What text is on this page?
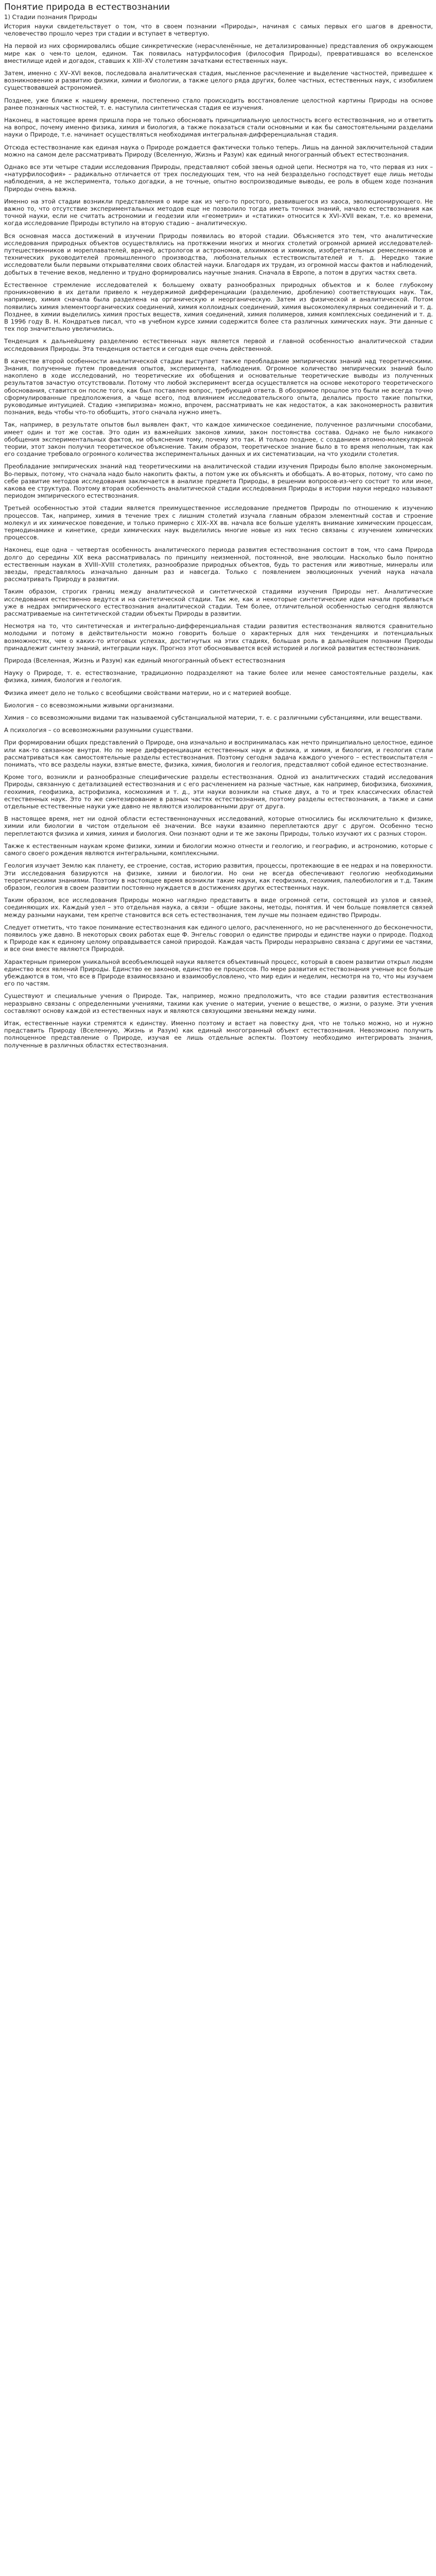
Понятие природа в естествознании
1) Стадии познания Природы

История науки свидетельствует о том, что в своем познании «Природы», начиная с самых первых его шагов в древности, человечество прошло через три стадии и вступает в четвертую.

На первой из них сформировались общие синкретические (нерасчленённые, не детализированные) представления об окружающем мире как о чем-то целом, едином. Так появилась натурфилософия (философия Природы), превратившаяся во вселенское вместилище идей и догадок, ставших к XIII–XV столетиям зачатками естественных наук.

Затем, именно с XV–XVI веков, последовала аналитическая стадия, мысленное расчленение и выделение частностей, приведшее к возникновению и развитию физики, химии и биологии, а также целого ряда других, более частных, естественных наук, с изобилием существовавшей астрономией.

Позднее, уже ближе к нашему времени, постепенно стало происходить восстановление целостной картины Природы на основе ранее познанных частностей, т. е. наступила синтетическая стадия ее изучения.

Наконец, в настоящее время пришла пора не только обосновать принципиальную целостность всего естествознания, но и ответить на вопрос, почему именно физика, химия и биология, а также показаться стали основными и как бы самостоятельными разделами науки о Природе, т.е. начинает осуществляться необходимая интегральная-дифференциальная стадия.

Отсюда естествознание как единая наука о Природе рождается фактически только теперь. Лишь на данной заключительной стадии можно на самом деле рассматривать Природу (Вселенную, Жизнь и Разум) как единый многогранный объект естествознания.

Однако все эти четыре стадии исследования Природы, представляют собой звенья одной цепи. Несмотря на то, что первая из них – «натурфилософия» – радикально отличается от трех последующих тем, что на ней безраздельно господствует еще лишь методы наблюдения, а не эксперимента, только догадки, а не точные, опытно воспроизводимые выводы, ее роль в общем ходе познания Природы очень важна.

Именно на этой стадии возникли представления о мире как из чего-то простого, развившегося из хаоса, эволюционирующего. Не важно то, что отсутствие экспериментальных методов еще не позволило тогда иметь точных знаний, начало естествознания как точной науки, если не считать астрономии и геодезии или «геометрии» и «статики» относится к XVI–XVII векам, т.е. ко времени, когда исследование Природы вступило на вторую стадию – аналитическую.

Вся основная масса достижений в изучении Природы появилась во второй стадии. Объясняется это тем, что аналитические исследования природных объектов осуществлялись на протяжении многих и многих столетий огромной армией исследователей-путешественников и мореплавателей, врачей, астрологов и астрономов, алхимиков и химиков, изобретательных ремесленников и технических руководителей промышленного производства, любознательных естествоиспытателей и т. д. Нередко такие исследователи были первыми открывателями своих областей науки. Благодаря их трудам, из огромной массы фактов и наблюдений, добытых в течение веков, медленно и трудно формировались научные знания. Сначала в Европе, а потом в других частях света.

Естественное стремление исследователей к большему охвату разнообразных природных объектов и к более глубокому проникновению в их детали привело к неудержимой дифференциации (разделению, дроблению) соответствующих наук. Так, например, химия сначала была разделена на органическую и неорганическую. Затем из физической и аналитической. Потом появились химия элементоорганических соединений, химия коллоидных соединений, химия высокомолекулярных соединений и т. д. Позднее, в химии выделились химия простых веществ, химия соединений, химия полимеров, химия комплексных соединений и т. д. В 1996 году В. Н. Кондратьев писал, что «в учебном курсе химии содержится более ста различных химических наук. Эти данные с тех пор значительно увеличились.

Тенденция к дальнейшему разделению естественных наук является первой и главной особенностью аналитической стадии исследования Природы. Эта тенденция остается и сегодня еще очень действенной.

В качестве второй особенности аналитической стадии выступает также преобладание эмпирических знаний над теоретическими. Знания, полученные путем проведения опытов, эксперимента, наблюдения. Огромное количество эмпирических знаний было накоплено в ходе исследований, но теоретические их обобщения и основательные теоретические выводы из полученных результатов зачастую отсутствовали. Потому что любой эксперимент всегда осуществляется на основе некоторого теоретического обоснования, ставится он после того, как был поставлен вопрос, требующий ответа. В обозримое прошлое это были не всегда точно сформулированные предположения, а чаще всего, под влиянием исследовательского опыта, делались просто такие попытки, руководимые интуицией. Стадию «эмпиризма» можно, впрочем, рассматривать не как недостаток, а как закономерность развития познания, ведь чтобы что-то обобщить, этого сначала нужно иметь.

Так, например, в результате опытов был выявлен факт, что каждое химическое соединение, полученное различными способами, имеет один и тот же состав. Это один из важнейших законов химии, закон постоянства состава. Однако не было никакого обобщения экспериментальных фактов, ни объяснения тому, почему это так. И только позднее, с созданием атомно-молекулярной теории, этот закон получил теоретическое объяснение. Таким образом, теоретическое знание было в то время неполным, так как его создание требовало огромного количества экспериментальных данных и их систематизации, на что уходили столетия.

Преобладание эмпирических знаний над теоретическими на аналитической стадии изучения Природы было вполне закономерным. Во-первых, потому, что сначала надо было накопить факты, а потом уже их объяснять и обобщать. А во-вторых, потому, что само по себе развитие методов исследования заключается в анализе предмета Природы, в решении вопросов-из-чего состоит то или иное, какова ее структура. Поэтому вторая особенность аналитической стадии исследования Природы в истории науки нередко называют периодом эмпирического естествознания.

Третьей особенностью этой стадии является преимущественное исследование предметов Природы по отношению к изучению процессов. Так, например, химия в течение трех с лишним столетий изучала главным образом элементный состав и строение молекул и их химическое поведение, и только примерно с XIX–XX вв. начала все больше уделять внимание химическим процессам, термодинамике и кинетике, среди химических наук выделились многие новые из них тесно связаны с изучением химических процессов.

Наконец, еще одна – четвертая особенность аналитического периода развития естествознания состоит в том, что сама Природа долго до середины XIX века рассматривалась по принципу неизменной, постоянной, вне эволюции. Насколько было понятно естественным наукам в XVIII–XVIII столетиях, разнообразие природных объектов, будь то растения или животные, минералы или звезды, представлялось изначально данным раз и навсегда. Только с появлением эволюционных учений наука начала рассматривать Природу в развитии.

Таким образом, строгих границ между аналитической и синтетической стадиями изучения Природы нет. Аналитические исследования естественно ведутся и на синтетической стадии. Так же, как и некоторые синтетические идеи начали пробиваться уже в недрах эмпирического естествознания аналитической стадии. Тем более, отличительной особенностью сегодня являются рассматриваемые на синтетической стадии объекты Природы в развитии.

Несмотря на то, что синтетическая и интегрально-дифференциальная стадии развития естествознания являются сравнительно молодыми и потому в действительности можно говорить больше о характерных для них тенденциях и потенциальных возможностях, чем о каких-то итоговых успехах, достигнутых на этих стадиях, большая роль в дальнейшем познании Природы принадлежит синтезу знаний, интеграции наук. Прогноз этот обосновывается всей историей и логикой развития естествознания.

Природа (Вселенная, Жизнь и Разум) как единый многогранный объект естествознания

Науку о Природе, т. е. естествознание, традиционно подразделяют на такие более или менее самостоятельные разделы, как физика, химия, биология и геология.

Физика имеет дело не только с всеобщими свойствами материи, но и с материей вообще.

Биология – со всевозможными живыми организмами.

Химия – со всевозможными видами так называемой субстанциальной материи, т. е. с различными субстанциями, или веществами.

А психология – со всевозможными разумными существами.

При формировании общих представлений о Природе, она изначально и воспринималась как нечто принципиально целостное, единое или как-то связанное внутри. Но по мере дифференциации естественных наук и физика, и химия, и биология, и геология стали рассматриваться как самостоятельные разделы естествознания. Поэтому сегодня задача каждого ученого – естествоиспытателя – понимать, что все разделы науки, взятые вместе, физика, химия, биология и геология, представляют собой единое естествознание.

Кроме того, возникли и разнообразные специфические разделы естествознания. Одной из аналитических стадий исследования Природы, связанную с детализацией естествознания и с его расчленением на разные частные, как например, биофизика, биохимия, геохимия, геофизика, астрофизика, космохимия и т. д., эти науки возникли на стыке двух, а то и трех классических областей естественных наук. Это то же синтезирование в разных частях естествознания, поэтому разделы естествознания, а также и сами отдельные естественные науки уже давно не являются изолированными друг от друга.

В настоящее время, нет ни одной области естественнонаучных исследований, которые относились бы исключительно к физике, химии или биологии в чистом отдельном её значении. Все науки взаимно переплетаются друг с другом. Особенно тесно переплетаются физика и химия, химия и биология. Они познают одни и те же законы Природы, только изучают их с разных сторон.

Также к естественным наукам кроме физики, химии и биологии можно отнести и геологию, и географию, и астрономию, которые с самого своего рождения являются интегральными, комплексными.

Геология изучает Землю как планету, ее строение, состав, историю развития, процессы, протекающие в ее недрах и на поверхности. Эти исследования базируются на физике, химии и биологии. Но они не всегда обеспечивают геологию необходимыми теоретическими знаниями. Поэтому в настоящее время возникли такие науки, как геофизика, геохимия, палеобиология и т.д. Таким образом, геология в своем развитии постоянно нуждается в достижениях других естественных наук.

Таким образом, все исследования Природы можно наглядно представить в виде огромной сети, состоящей из узлов и связей, соединяющих их. Каждый узел – это отдельная наука, а связи – общие законы, методы, понятия. И чем больше появляется связей между разными науками, тем крепче становится вся сеть естествознания, тем лучше мы познаем единство Природы.

Следует отметить, что такое понимание естествознания как единого целого, расчлененного, но не расчлененного до бесконечности, появилось уже давно. В некоторых своих работах еще Ф. Энгельс говорил о единстве природы и единстве науки о природе. Подход к Природе как к единому целому оправдывается самой природой. Каждая часть Природы неразрывно связана с другими ее частями, и все они вместе являются Природой.

Характерным примером уникальной всеобъемлющей науки является объективный процесс, который в своем развитии открыл людям единство всех явлений Природы. Единство ее законов, единство ее процессов. По мере развития естествознания ученые все больше убеждаются в том, что все в Природе взаимосвязано и взаимообусловлено, что мир един и неделим, несмотря на то, что мы изучаем его по частям.

Существуют и специальные учения о Природе. Так, например, можно предположить, что все стадии развития естествознания неразрывно связаны с определенными учениями, такими как учение о материи, учение о веществе, о жизни, о разуме. Эти учения составляют основу каждой из естественных наук и являются связующими звеньями между ними.

Итак, естественные науки стремятся к единству. Именно поэтому и встает на повестку дня, что не только можно, но и нужно представить Природу (Вселенную, Жизнь и Разум) как единый многогранный объект естествознания. Невозможно получить полноценное представление о Природе, изучая ее лишь отдельные аспекты. Поэтому необходимо интегрировать знания, полученные в различных областях естествознания.
